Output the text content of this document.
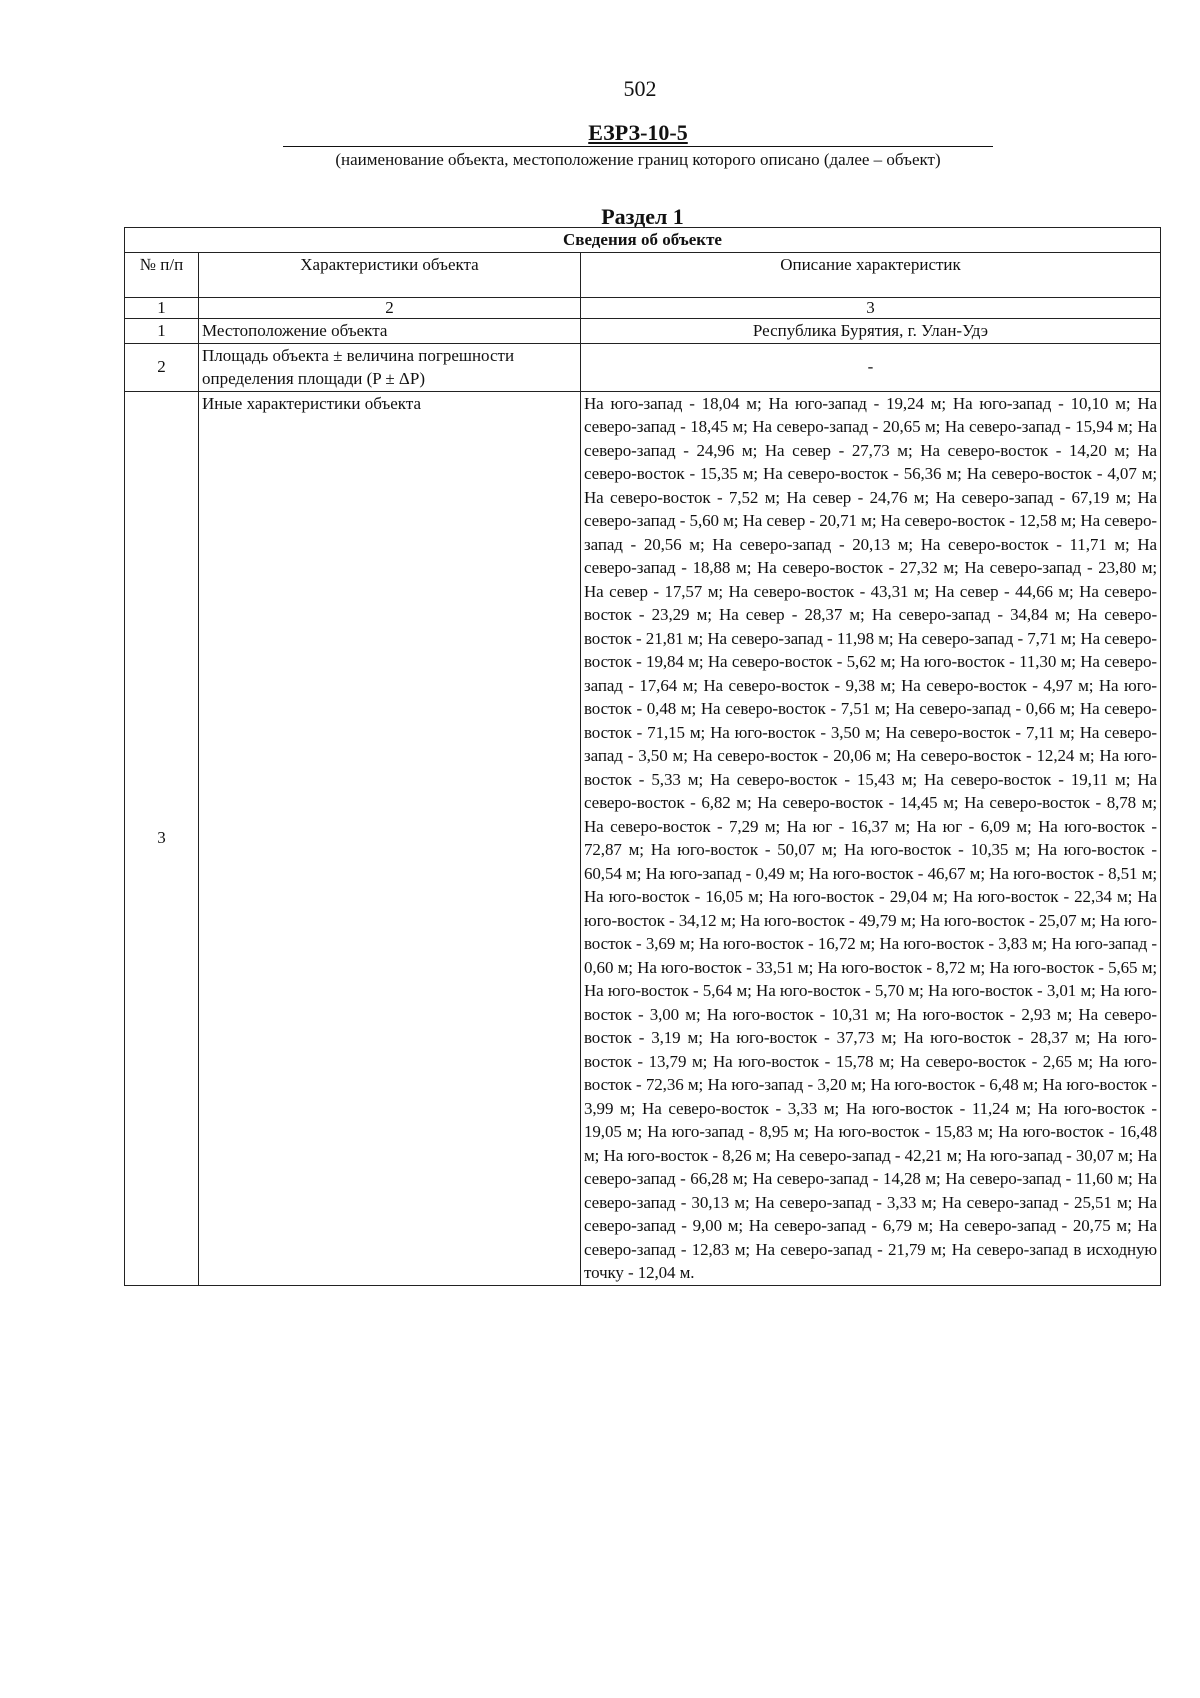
502
ЕЗРЗ-10-5
(наименование объекта, местоположение границ которого описано (далее – объект)
Раздел 1
Сведения об объекте		
№ п/п	Характеристики объекта	Описание характеристик
1	2	3
1	Местоположение объекта	Республика Бурятия, г. Улан-Удэ
2	Площадь объекта ± величина погрешности определения площади (P ± ΔP)	-
3	Иные характеристики объекта	На юго-запад - 18,04 м; На юго-запад - 19,24 м; На юго-запад - 10,10 м; На северо-запад - 18,45 м; На северо-запад - 20,65 м; На северо-запад - 15,94 м; На северо-запад - 24,96 м; На север - 27,73 м; На северо-восток - 14,20 м; На северо-восток - 15,35 м; На северо-восток - 56,36 м; На северо-восток - 4,07 м; На северо-восток - 7,52 м; На север - 24,76 м; На северо-запад - 67,19 м; На северо-запад - 5,60 м; На север - 20,71 м; На северо-восток - 12,58 м; На северо-запад - 20,56 м; На северо-запад - 20,13 м; На северо-восток - 11,71 м; На северо-запад - 18,88 м; На северо-восток - 27,32 м; На северо-запад - 23,80 м; На север - 17,57 м; На северо-восток - 43,31 м; На север - 44,66 м; На северо-восток - 23,29 м; На север - 28,37 м; На северо-запад - 34,84 м; На северо-восток - 21,81 м; На северо-запад - 11,98 м; На северо-запад - 7,71 м; На северо-восток - 19,84 м; На северо-восток - 5,62 м; На юго-восток - 11,30 м; На северо-запад - 17,64 м; На северо-восток - 9,38 м; На северо-восток - 4,97 м; На юго-восток - 0,48 м; На северо-восток - 7,51 м; На северо-запад - 0,66 м; На северо-восток - 71,15 м; На юго-восток - 3,50 м; На северо-восток - 7,11 м; На северо-запад - 3,50 м; На северо-восток - 20,06 м; На северо-восток - 12,24 м; На юго-восток - 5,33 м; На северо-восток - 15,43 м; На северо-восток - 19,11 м; На северо-восток - 6,82 м; На северо-восток - 14,45 м; На северо-восток - 8,78 м; На северо-восток - 7,29 м; На юг - 16,37 м; На юг - 6,09 м; На юго-восток - 72,87 м; На юго-восток - 50,07 м; На юго-восток - 10,35 м; На юго-восток - 60,54 м; На юго-запад - 0,49 м; На юго-восток - 46,67 м; На юго-восток - 8,51 м; На юго-восток - 16,05 м; На юго-восток - 29,04 м; На юго-восток - 22,34 м; На юго-восток - 34,12 м; На юго-восток - 49,79 м; На юго-восток - 25,07 м; На юго-восток - 3,69 м; На юго-восток - 16,72 м; На юго-восток - 3,83 м; На юго-запад - 0,60 м; На юго-восток - 33,51 м; На юго-восток - 8,72 м; На юго-восток - 5,65 м; На юго-восток - 5,64 м; На юго-восток - 5,70 м; На юго-восток - 3,01 м; На юго-восток - 3,00 м; На юго-восток - 10,31 м; На юго-восток - 2,93 м; На северо-восток - 3,19 м; На юго-восток - 37,73 м; На юго-восток - 28,37 м; На юго-восток - 13,79 м; На юго-восток - 15,78 м; На северо-восток - 2,65 м; На юго-восток - 72,36 м; На юго-запад - 3,20 м; На юго-восток - 6,48 м; На юго-восток - 3,99 м; На северо-восток - 3,33 м; На юго-восток - 11,24 м; На юго-восток - 19,05 м; На юго-запад - 8,95 м; На юго-восток - 15,83 м; На юго-восток - 16,48 м; На юго-восток - 8,26 м; На северо-запад - 42,21 м; На юго-запад - 30,07 м; На северо-запад - 66,28 м; На северо-запад - 14,28 м; На северо-запад - 11,60 м; На северо-запад - 30,13 м; На северо-запад - 3,33 м; На северо-запад - 25,51 м; На северо-запад - 9,00 м; На северо-запад - 6,79 м; На северо-запад - 20,75 м; На северо-запад - 12,83 м; На северо-запад - 21,79 м; На северо-запад в исходную точку - 12,04 м.
